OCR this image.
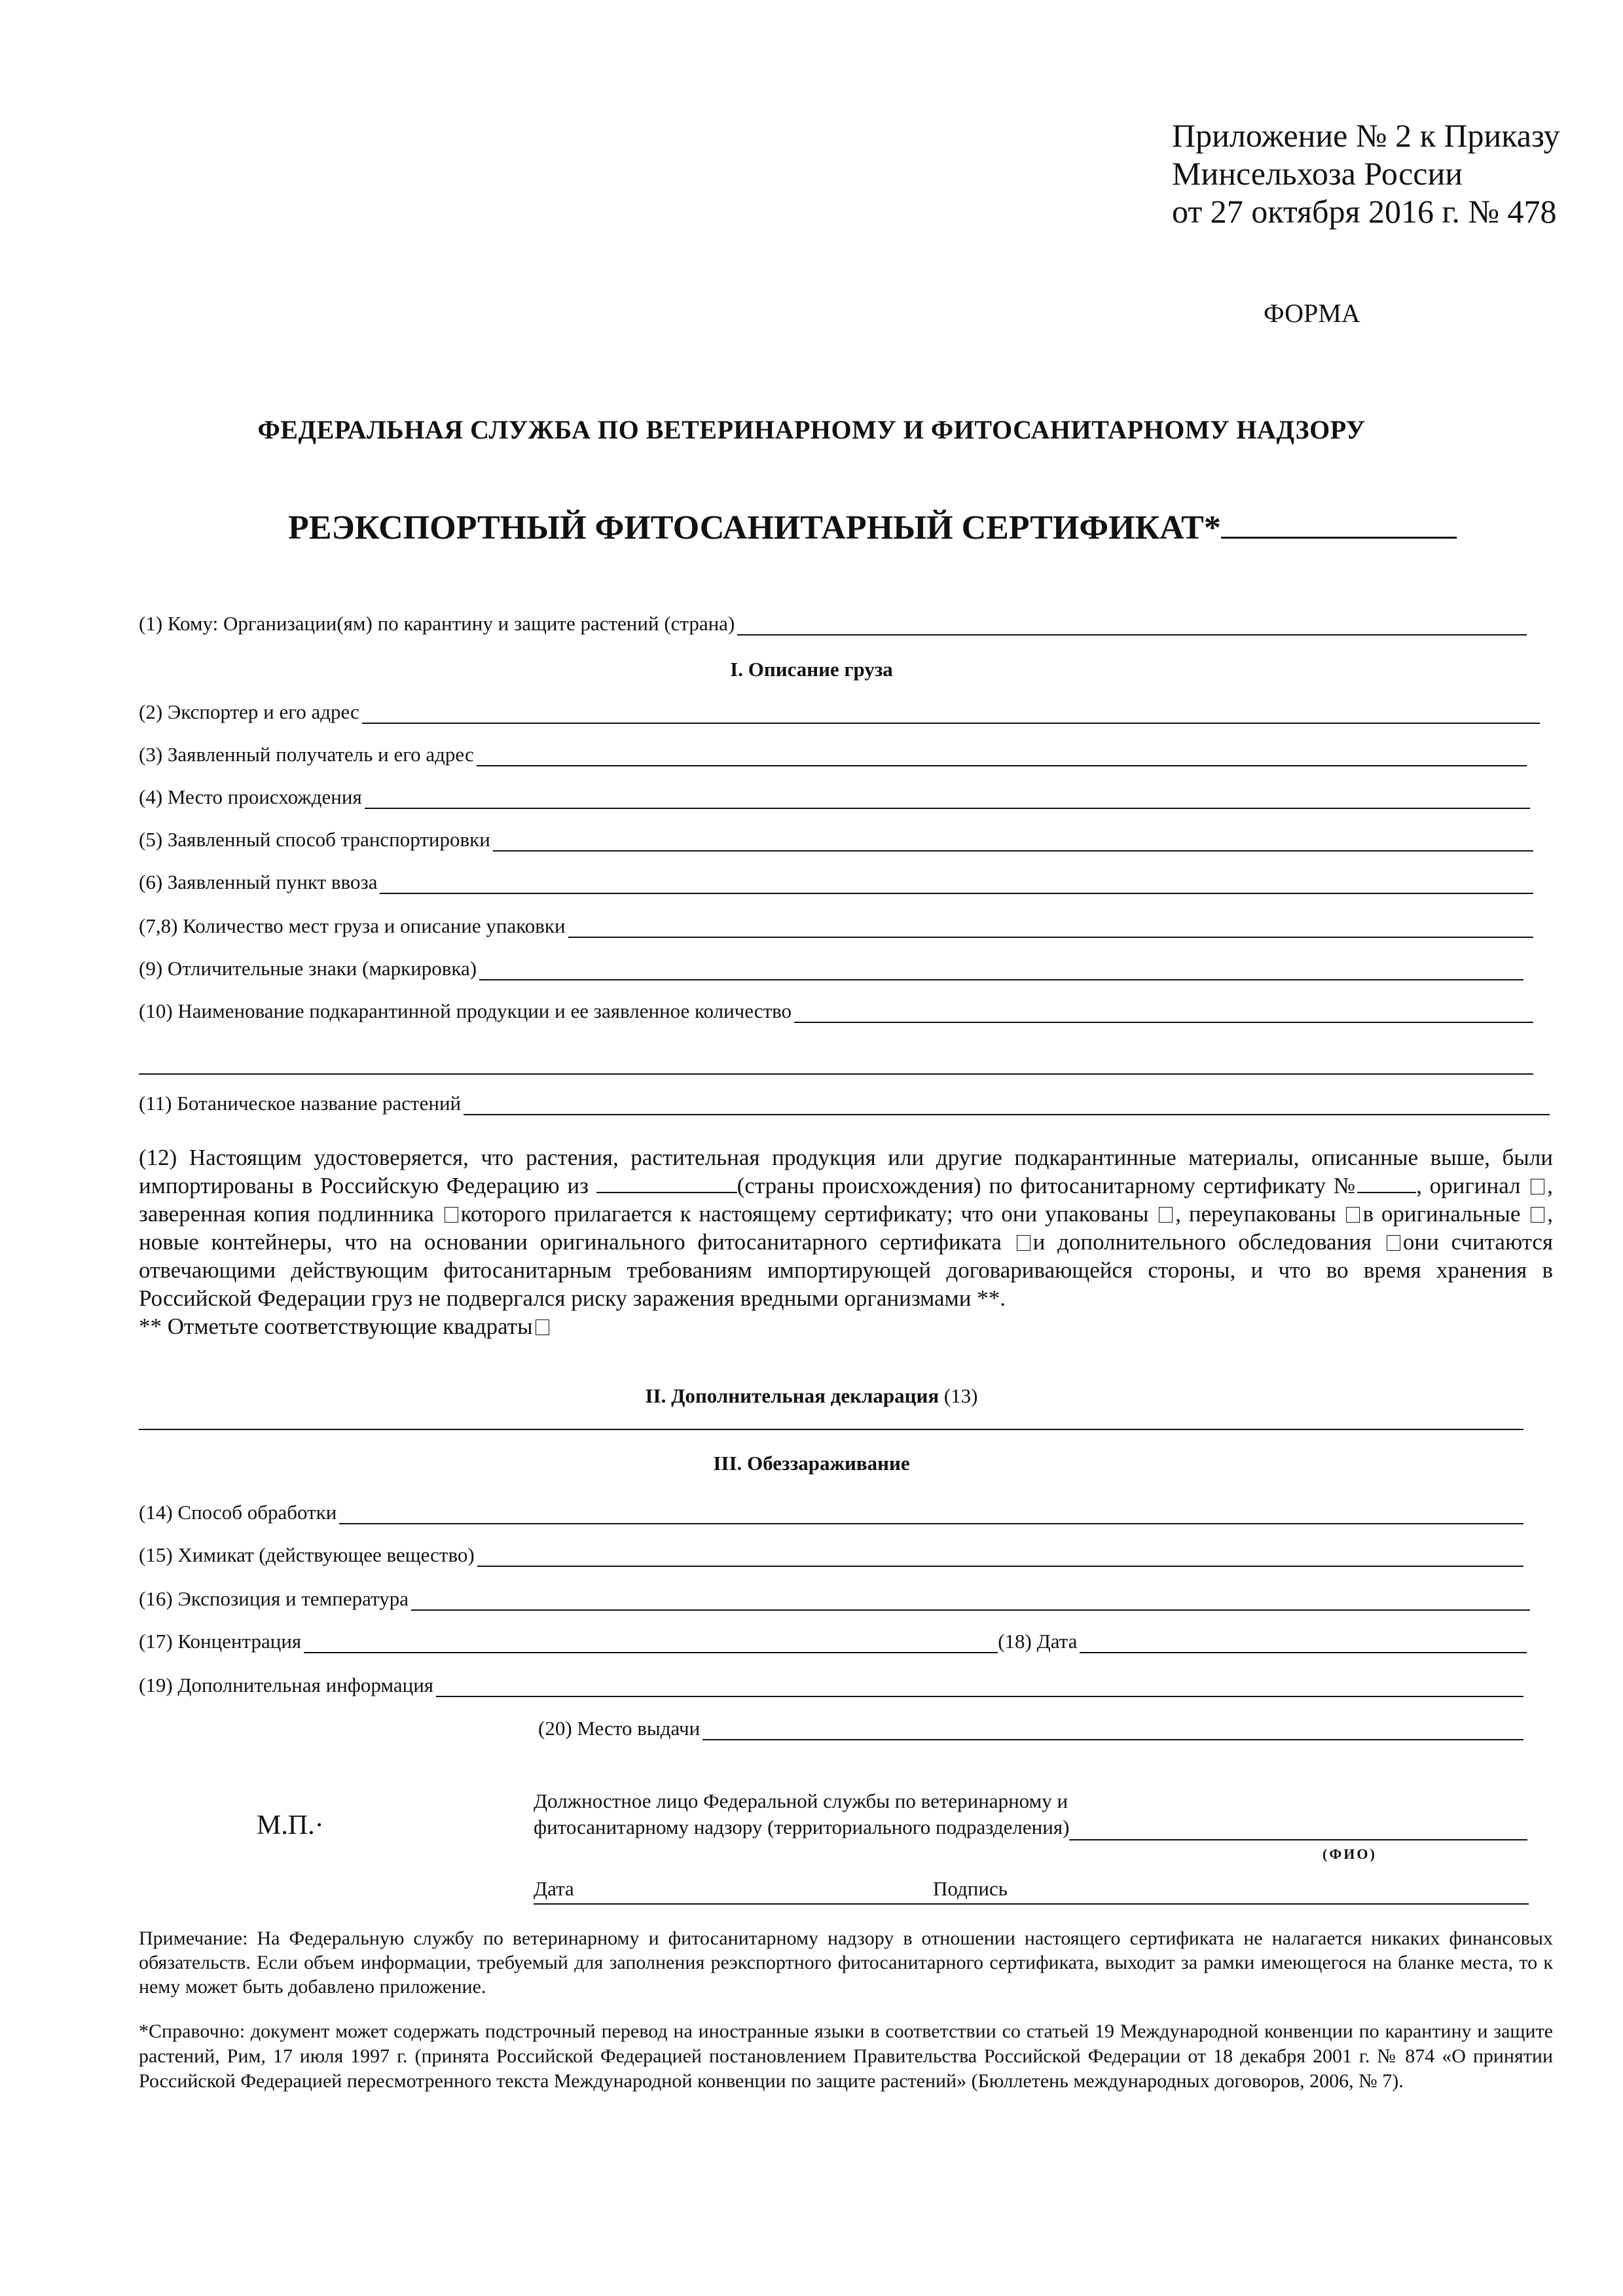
Приложение № 2 к Приказу
Минсельхоза России
от 27 октября 2016 г. № 478
ФОРМА
ФЕДЕРАЛЬНАЯ СЛУЖБА ПО ВЕТЕРИНАРНОМУ И ФИТОСАНИТАРНОМУ НАДЗОРУ
РЕЭКСПОРТНЫЙ ФИТОСАНИТАРНЫЙ СЕРТИФИКАТ*
(1) Кому: Организации(ям) по карантину и защите растений (страна)
I. Описание груза
(2) Экспортер и его адрес
(3) Заявленный получатель и его адрес
(4) Место происхождения
(5) Заявленный способ транспортировки
(6) Заявленный пункт ввоза
(7,8) Количество мест груза и описание упаковки
(9) Отличительные знаки (маркировка)
(10) Наименование подкарантинной продукции и ее заявленное количество
(11) Ботаническое название растений
(12) Настоящим удостоверяется, что растения, растительная продукция или другие подкарантинные материалы, описанные выше, были импортированы в Российскую Федерацию из	(страны происхождения) по фитосанитарному сертификату №	, оригинал , заверенная копия подлинника которого прилагается к настоящему сертификату; что они упакованы , переупакованы в оригинальные , новые контейнеры, что на основании оригинального фитосанитарного сертификата и дополнительного обследования они считаются отвечающими действующим фитосанитарным требованиям импортирующей договаривающейся стороны, и что во время хранения в Российской Федерации груз не подвергался риску заражения вредными организмами **.
** Отметьте соответствующие квадраты
II. Дополнительная декларация (13)
III. Обеззараживание
(14) Способ обработки
(15) Химикат (действующее вещество)
(16) Экспозиция и температура
(17) Концентрация	(18) Дата
(19) Дополнительная информация
(20) Место выдачи
М.П.·
Должностное лицо Федеральной службы по ветеринарному и
фитосанитарному надзору (территориального подразделения)
(ФИО)
Дата	Подпись
Примечание: На Федеральную службу по ветеринарному и фитосанитарному надзору в отношении настоящего сертификата не налагается никаких финансовых обязательств. Если объем информации, требуемый для заполнения реэкспортного фитосанитарного сертификата, выходит за рамки имеющегося на бланке места, то к нему может быть добавлено приложение.
*Справочно: документ может содержать подстрочный перевод на иностранные языки в соответствии со статьей 19 Международной конвенции по карантину и защите растений, Рим, 17 июля 1997 г. (принята Российской Федерацией постановлением Правительства Российской Федерации от 18 декабря 2001 г. № 874 «О принятии Российской Федерацией пересмотренного текста Международной конвенции по защите растений» (Бюллетень международных договоров, 2006, № 7).
